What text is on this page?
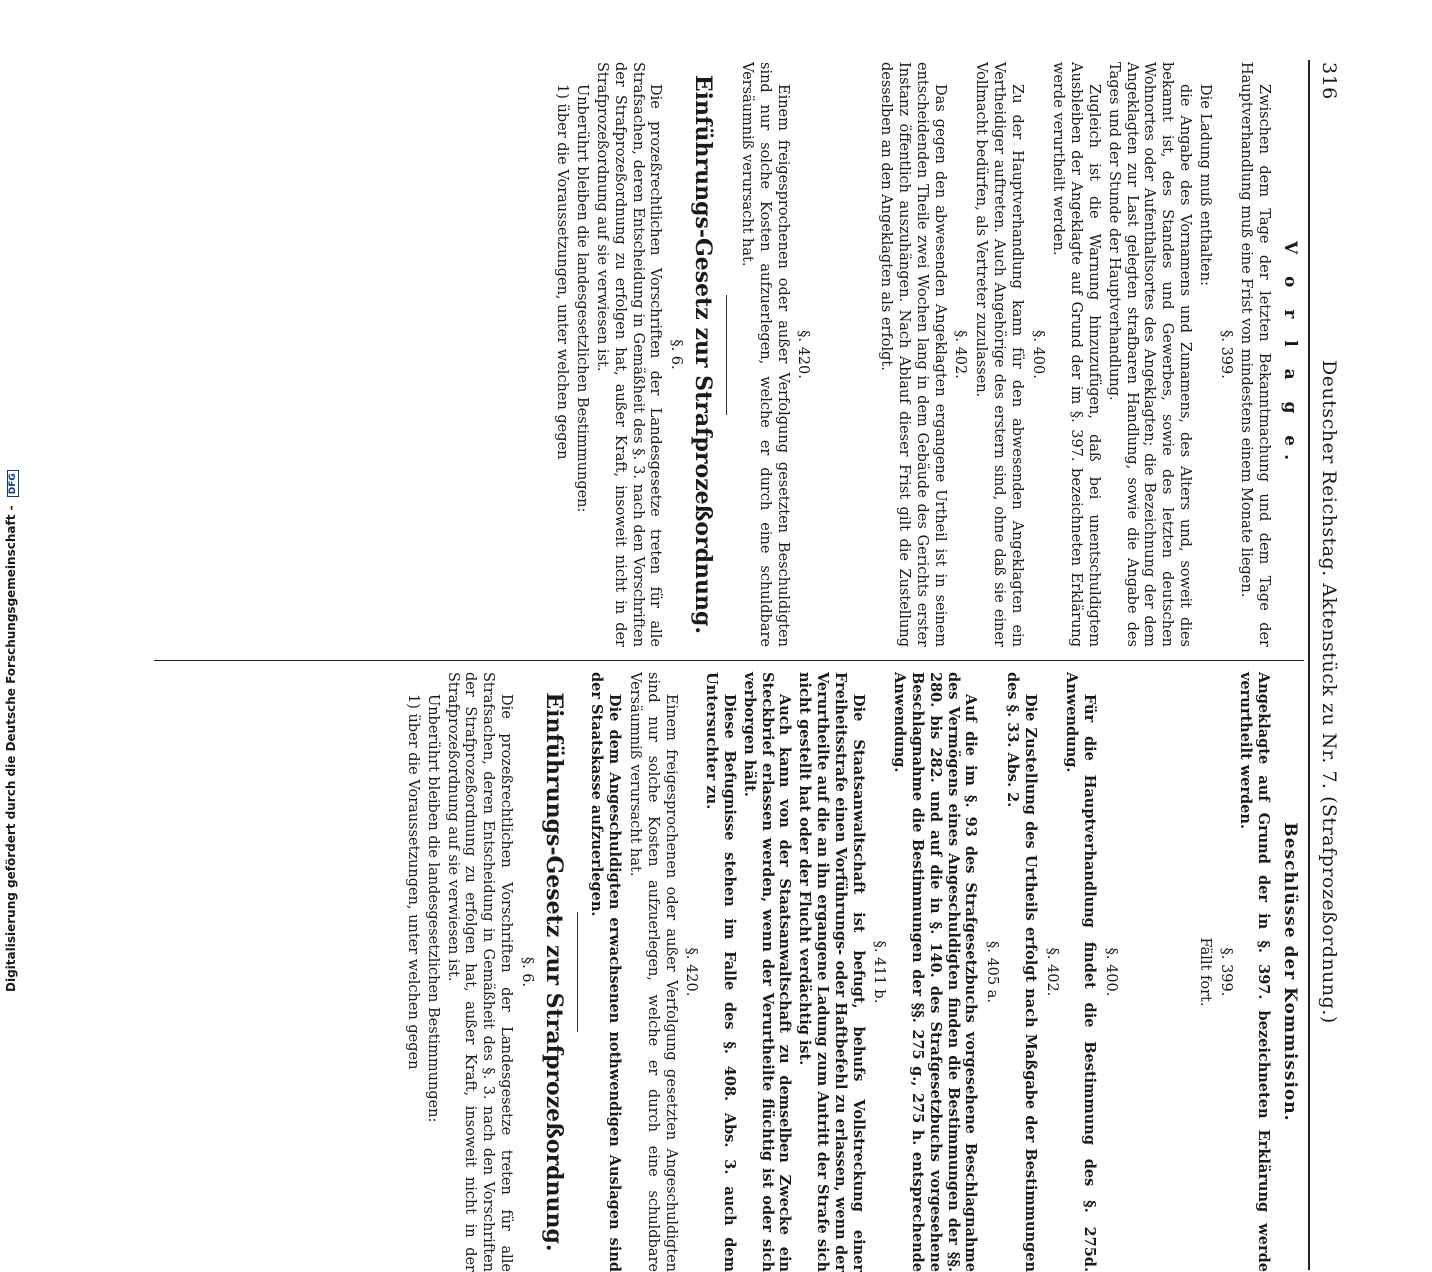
316
Deutscher Reichstag. Aktenstück zu Nr. 7. (Strafprozeßordnung.)

V o r l a g e.

Zwischen dem Tage der letzten Bekanntmachung und dem Tage der Hauptverhandlung muß eine Frist von mindestens einem Monate liegen.

§. 399.

Die Ladung muß enthalten:

die Angabe des Vornamens und Zunamens, des Alters und, soweit dies bekannt ist, des Standes und Gewerbes, sowie des letzten deutschen Wohnortes oder Aufenthaltsortes des Angeklagten; die Bezeichnung der dem Angeklagten zur Last gelegten strafbaren Handlung, sowie die Angabe des Tages und der Stunde der Hauptverhandlung.

Zugleich ist die Warnung hinzuzufügen, daß bei unentschuldigtem Ausbleiben der Angeklagte auf Grund der im §. 397. bezeichneten Erklärung werde verurtheilt werden.

§. 400.

Zu der Hauptverhandlung kann für den abwesenden Angeklagten ein Vertheidiger auftreten. Auch Angehörige des erstern sind, ohne daß sie einer Vollmacht bedürfen, als Vertreter zuzulassen.

§. 402.

Das gegen den abwesenden Angeklagten ergangene Urtheil ist in seinem entscheidenden Theile zwei Wochen lang in dem Gebäude des Gerichts erster Instanz öffentlich auszuhängen. Nach Ablauf dieser Frist gilt die Zustellung desselben an den Angeklagten als erfolgt.

§. 420.

Einem freigesprochenen oder außer Verfolgung gesetzten Beschuldigten sind nur solche Kosten aufzuerlegen, welche er durch eine schuldbare Versäumniß verursacht hat.

Einführungs-Gesetz zur Strafprozeßordnung.

§. 6.

Die prozeßrechtlichen Vorschriften der Landesgesetze treten für alle Strafsachen, deren Entscheidung in Gemäßheit des §. 3. nach den Vorschriften der Strafprozeßordnung zu erfolgen hat, außer Kraft, insoweit nicht in der Strafprozeßordnung auf sie verwiesen ist.

Unberührt bleiben die landesgesetzlichen Bestimmungen:

1) über die Voraussetzungen, unter welchen gegen

Beschlüsse der Kommission.

Angeklagte auf Grund der in §. 397. bezeichneten Erklärung werde verurtheilt werden.

§. 399.

Fällt fort.

§. 400.

Für die Hauptverhandlung findet die Bestimmung des §. 275d. Anwendung.

§. 402.

Die Zustellung des Urtheils erfolgt nach Maßgabe der Bestimmungen des §. 33. Abs. 2.

§. 405 a.

Auf die im §. 93 des Strafgesetzbuchs vorgesehene Beschlagnahme des Vermögens eines Angeschuldigten finden die Bestimmungen der §§. 280. bis 282. und auf die in §. 140. des Strafgesetzbuchs vorgesehene Beschlagnahme die Bestimmungen der §§. 275 g., 275 h. entsprechende Anwendung.

§. 411 b.

Die Staatsanwaltschaft ist befugt, behufs Vollstreckung einer Freiheitsstrafe einen Vorführungs- oder Haftbefehl zu erlassen, wenn der Verurtheilte auf die an ihn ergangene Ladung zum Antritt der Strafe sich nicht gestellt hat oder der Flucht verdächtig ist.

Auch kann von der Staatsanwaltschaft zu demselben Zwecke ein Steckbrief erlassen werden, wenn der Verurtheilte flüchtig ist oder sich verborgen hält.

Diese Befugnisse stehen im Falle des §. 408. Abs. 3. auch dem Untersuchter zu.

§. 420.

Einem freigesprochenen oder außer Verfolgung gesetzten Angeschuldigten sind nur solche Kosten aufzuerlegen, welche er durch eine schuldbare Versäumniß verursacht hat.

Die dem Angeschuldigten erwachsenen nothwendigen Auslagen sind der Staatskasse aufzuerlegen.

Einführungs-Gesetz zur Strafprozeßordnung.

§. 6.

Die prozeßrechtlichen Vorschriften der Landesgesetze treten für alle Strafsachen, deren Entscheidung in Gemäßheit des §. 3. nach den Vorschriften der Strafprozeßordnung zu erfolgen hat, außer Kraft, insoweit nicht in der Strafprozeßordnung auf sie verwiesen ist.

Unberührt bleiben die landesgesetzlichen Bestimmungen:

1) über die Voraussetzungen, unter welchen gegen

Digitalisierung gefördert durch die Deutsche Forschungsgemeinschaft - DFG
